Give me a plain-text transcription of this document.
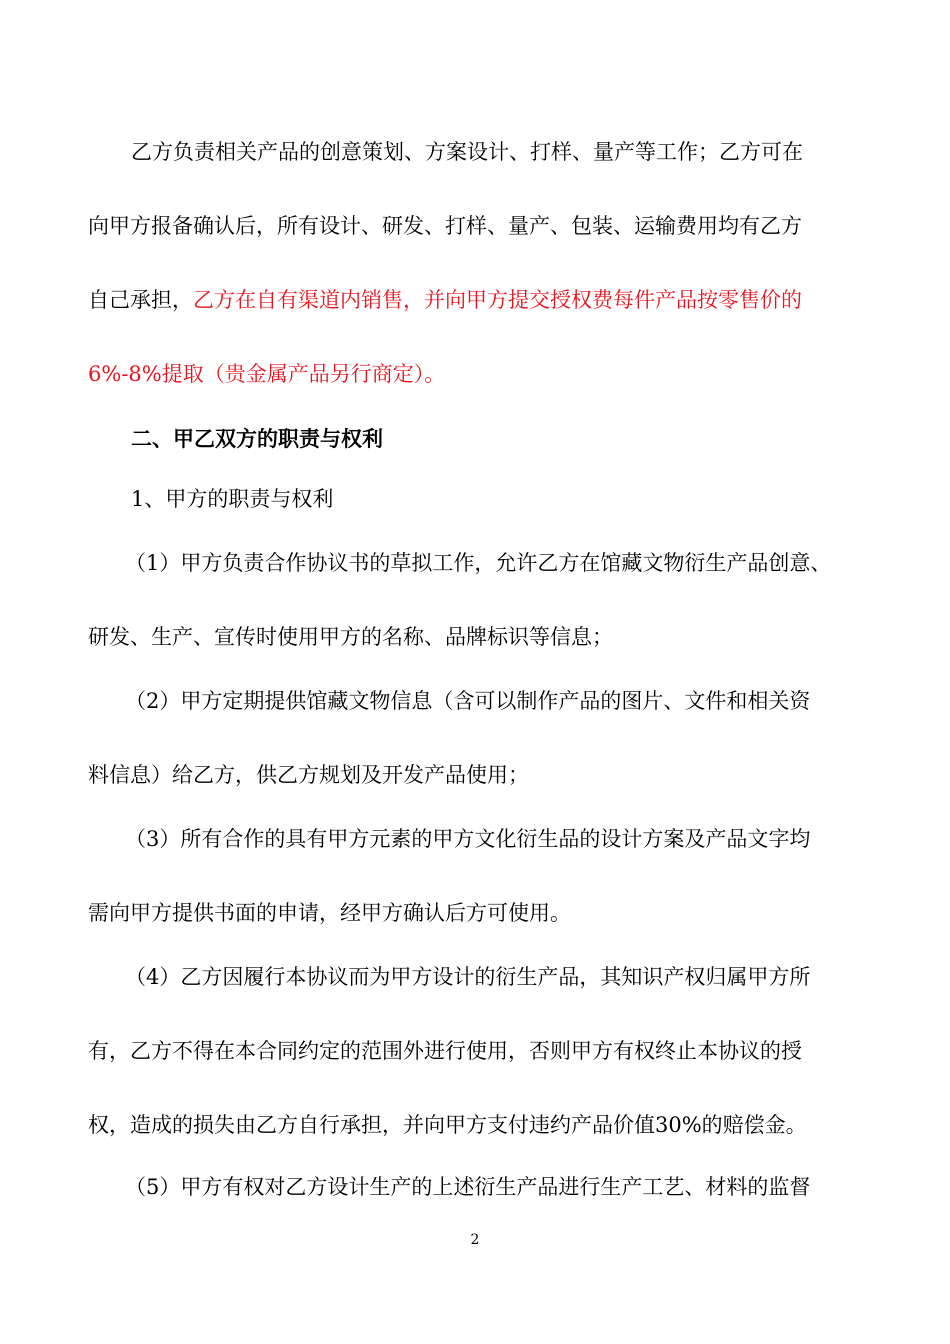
乙方负责相关产品的创意策划、方案设计、打样、量产等工作；乙方可在
向甲方报备确认后，所有设计、研发、打样、量产、包装、运输费用均有乙方
自己承担，乙方在自有渠道内销售，并向甲方提交授权费每件产品按零售价的
6%-8%提取（贵金属产品另行商定）。
二、甲乙双方的职责与权利
1、甲方的职责与权利
（1）甲方负责合作协议书的草拟工作，允许乙方在馆藏文物衍生产品创意、
研发、生产、宣传时使用甲方的名称、品牌标识等信息；
（2）甲方定期提供馆藏文物信息（含可以制作产品的图片、文件和相关资
料信息）给乙方，供乙方规划及开发产品使用；
（3）所有合作的具有甲方元素的甲方文化衍生品的设计方案及产品文字均
需向甲方提供书面的申请，经甲方确认后方可使用。
（4）乙方因履行本协议而为甲方设计的衍生产品，其知识产权归属甲方所
有，乙方不得在本合同约定的范围外进行使用，否则甲方有权终止本协议的授
权，造成的损失由乙方自行承担，并向甲方支付违约产品价值30%的赔偿金。
（5）甲方有权对乙方设计生产的上述衍生产品进行生产工艺、材料的监督
2
